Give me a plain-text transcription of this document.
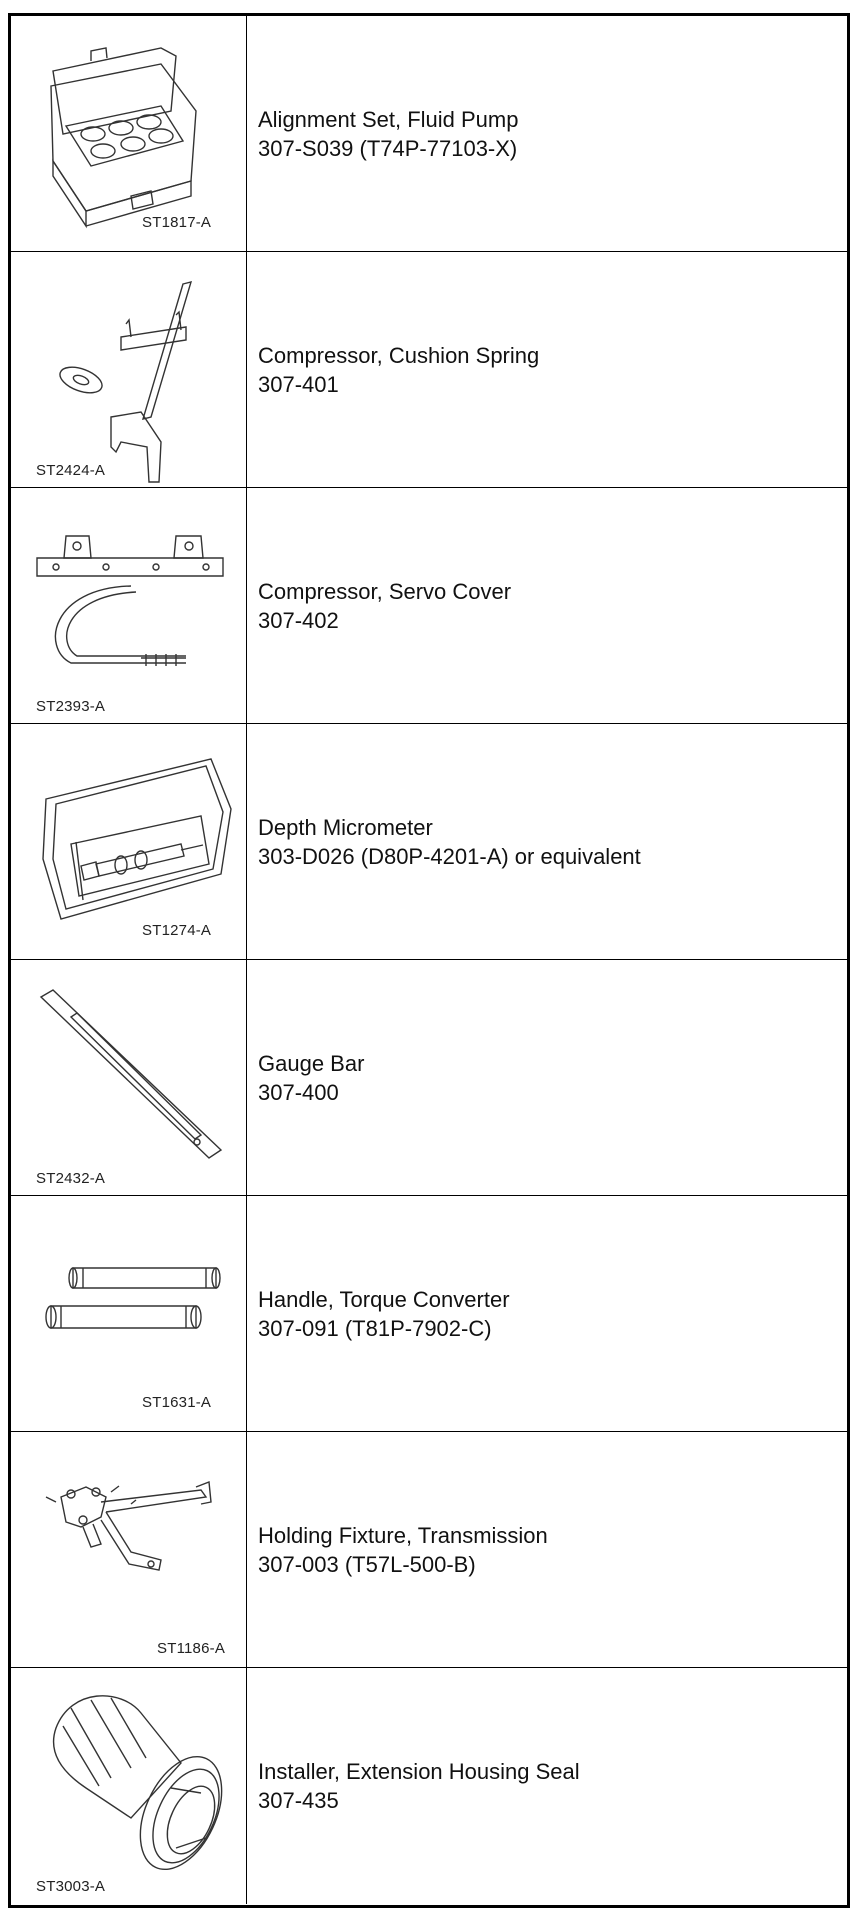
ST1817-A
Alignment Set, Fluid Pump
307-S039 (T74P-77103-X)
ST2424-A
Compressor, Cushion Spring
307-401
ST2393-A
Compressor, Servo Cover
307-402
ST1274-A
Depth Micrometer
303-D026 (D80P-4201-A) or equivalent
ST2432-A
Gauge Bar
307-400
ST1631-A
Handle, Torque Converter
307-091 (T81P-7902-C)
ST1186-A
Holding Fixture, Transmission
307-003 (T57L-500-B)
ST3003-A
Installer, Extension Housing Seal
307-435
